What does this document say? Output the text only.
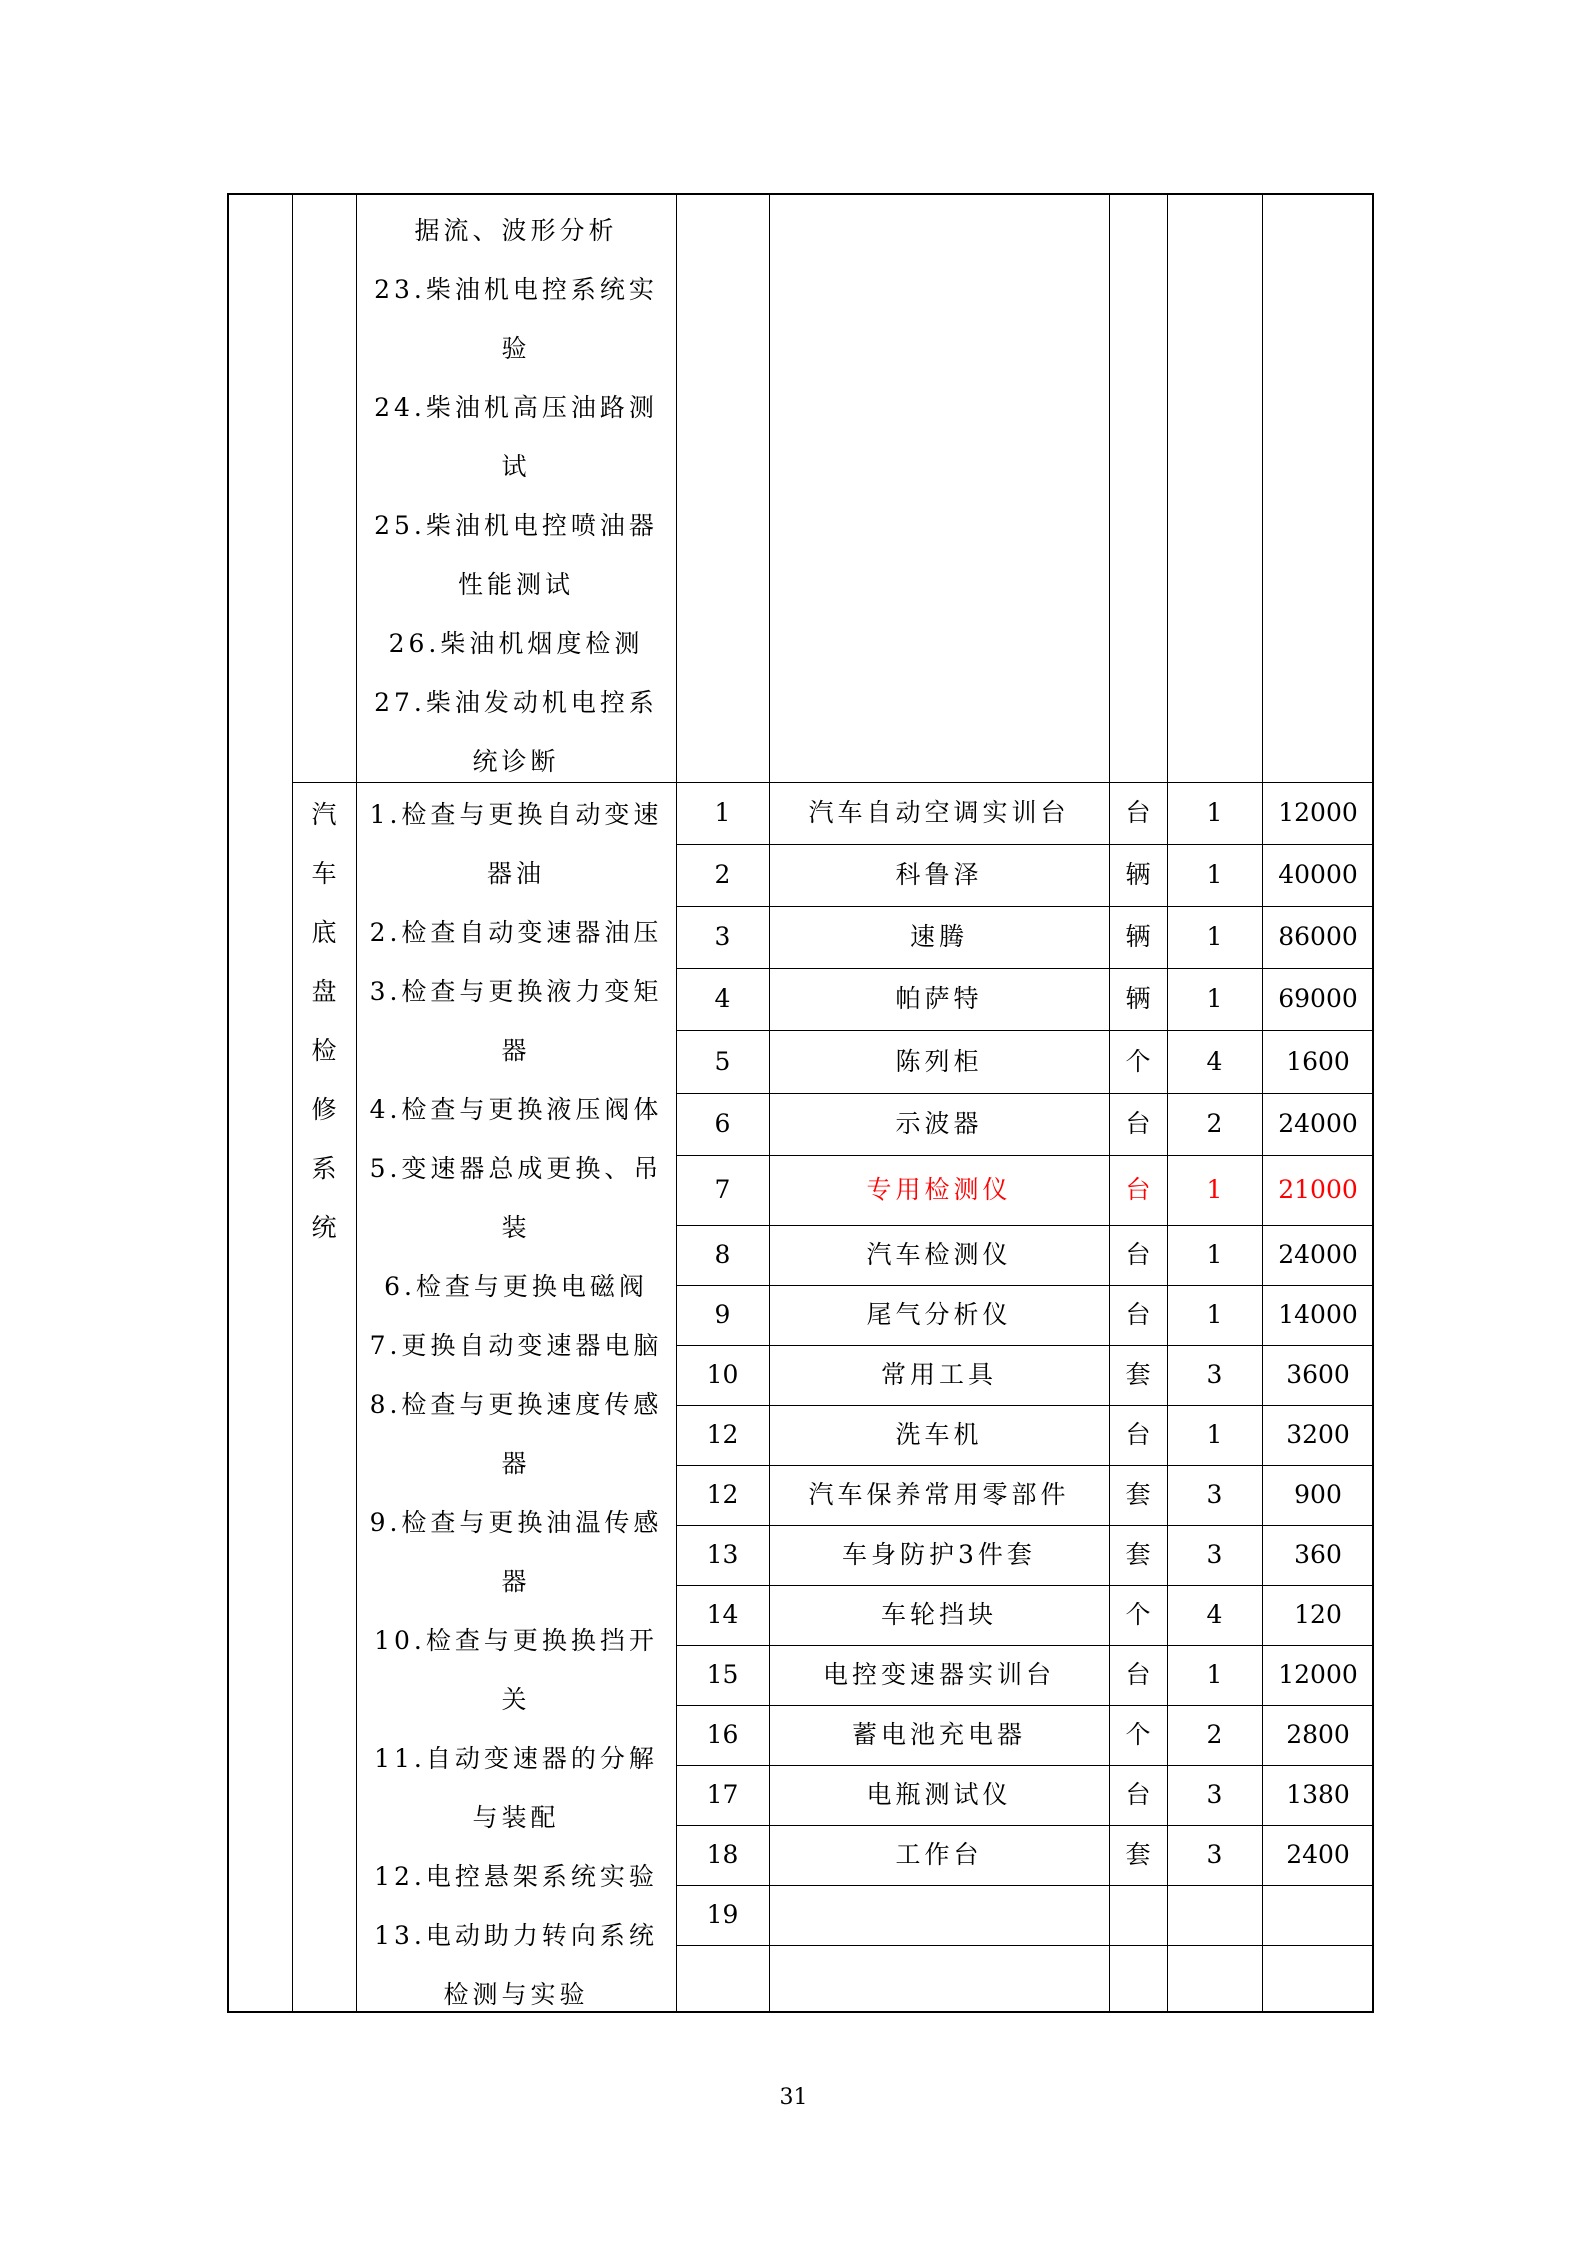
据流、波形分析
23.柴油机电控系统实
验
24.柴油机高压油路测
试
25.柴油机电控喷油器
性能测试
26.柴油机烟度检测
27.柴油发动机电控系
统诊断
汽
车
底
盘
检
修
系
统
1.检查与更换自动变速
器油
2.检查自动变速器油压
3.检查与更换液力变矩
器
4.检查与更换液压阀体
5.变速器总成更换、吊
装
6.检查与更换电磁阀
7.更换自动变速器电脑
8.检查与更换速度传感
器
9.检查与更换油温传感
器
10.检查与更换换挡开
关
11.自动变速器的分解
与装配
12.电控悬架系统实验
13.电动助力转向系统
检测与实验
1	汽车自动空调实训台	台	1	12000
2	科鲁泽	辆	1	40000
3	速腾	辆	1	86000
4	帕萨特	辆	1	69000
5	陈列柜	个	4	1600
6	示波器	台	2	24000
7	专用检测仪	台	1	21000
8	汽车检测仪	台	1	24000
9	尾气分析仪	台	1	14000
10	常用工具	套	3	3600
12	洗车机	台	1	3200
12	汽车保养常用零部件	套	3	900
13	车身防护3件套	套	3	360
14	车轮挡块	个	4	120
15	电控变速器实训台	台	1	12000
16	蓄电池充电器	个	2	2800
17	电瓶测试仪	台	3	1380
18	工作台	套	3	2400
19
31
